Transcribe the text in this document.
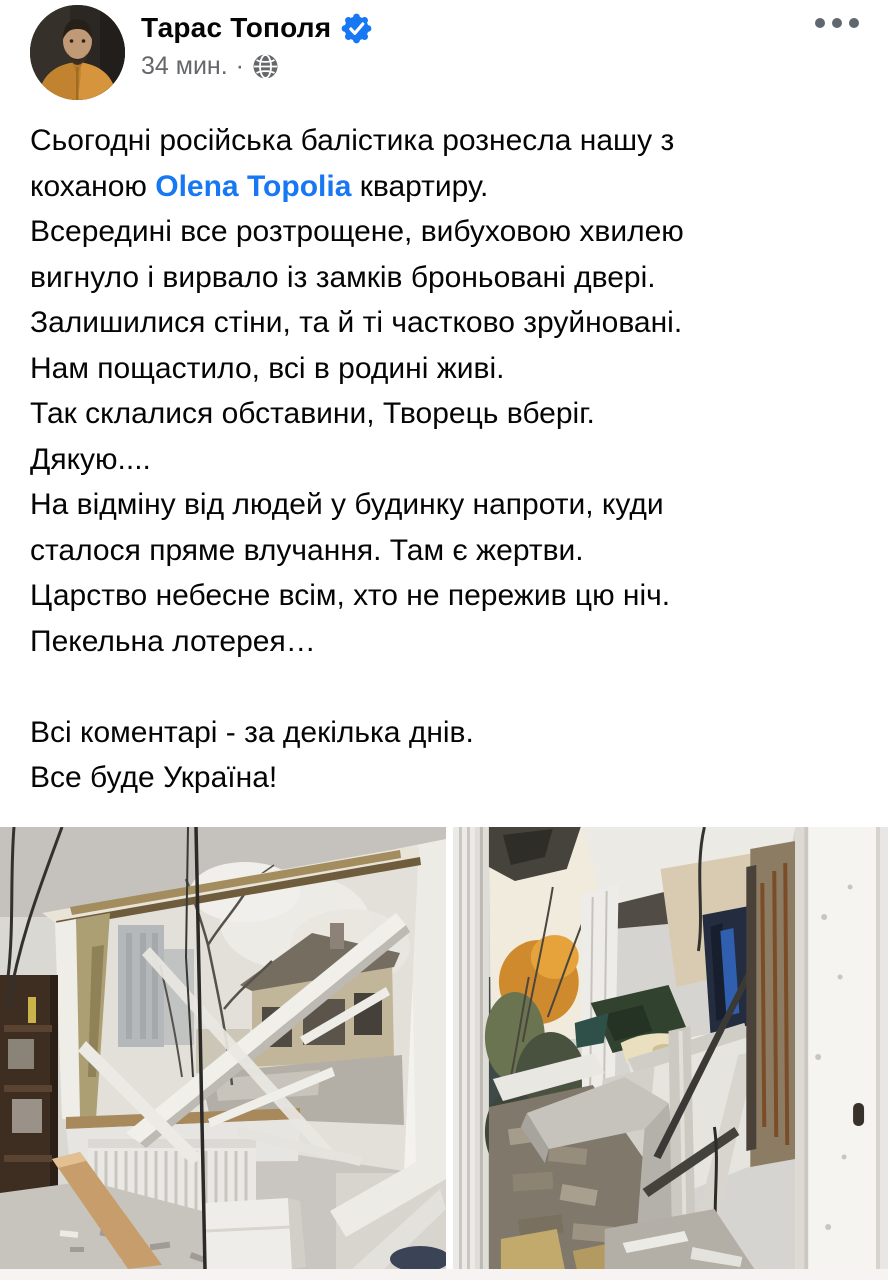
Тарас Тополя
34 мин. ·
Сьогодні російська балістика рознесла нашу з
коханою Olena Topolia квартиру.
Всередині все розтрощене, вибуховою хвилею
вигнуло і вирвало із замків броньовані двері.
Залишилися стіни, та й ті частково зруйновані.
Нам пощастило, всі в родині живі.
Так склалися обставини, Творець вберіг.
Дякую....
На відміну від людей у будинку напроти, куди
сталося пряме влучання. Там є жертви.
Царство небесне всім, хто не пережив цю ніч.
Пекельна лотерея…
Всі коментарі - за декілька днів.
Все буде Україна!
